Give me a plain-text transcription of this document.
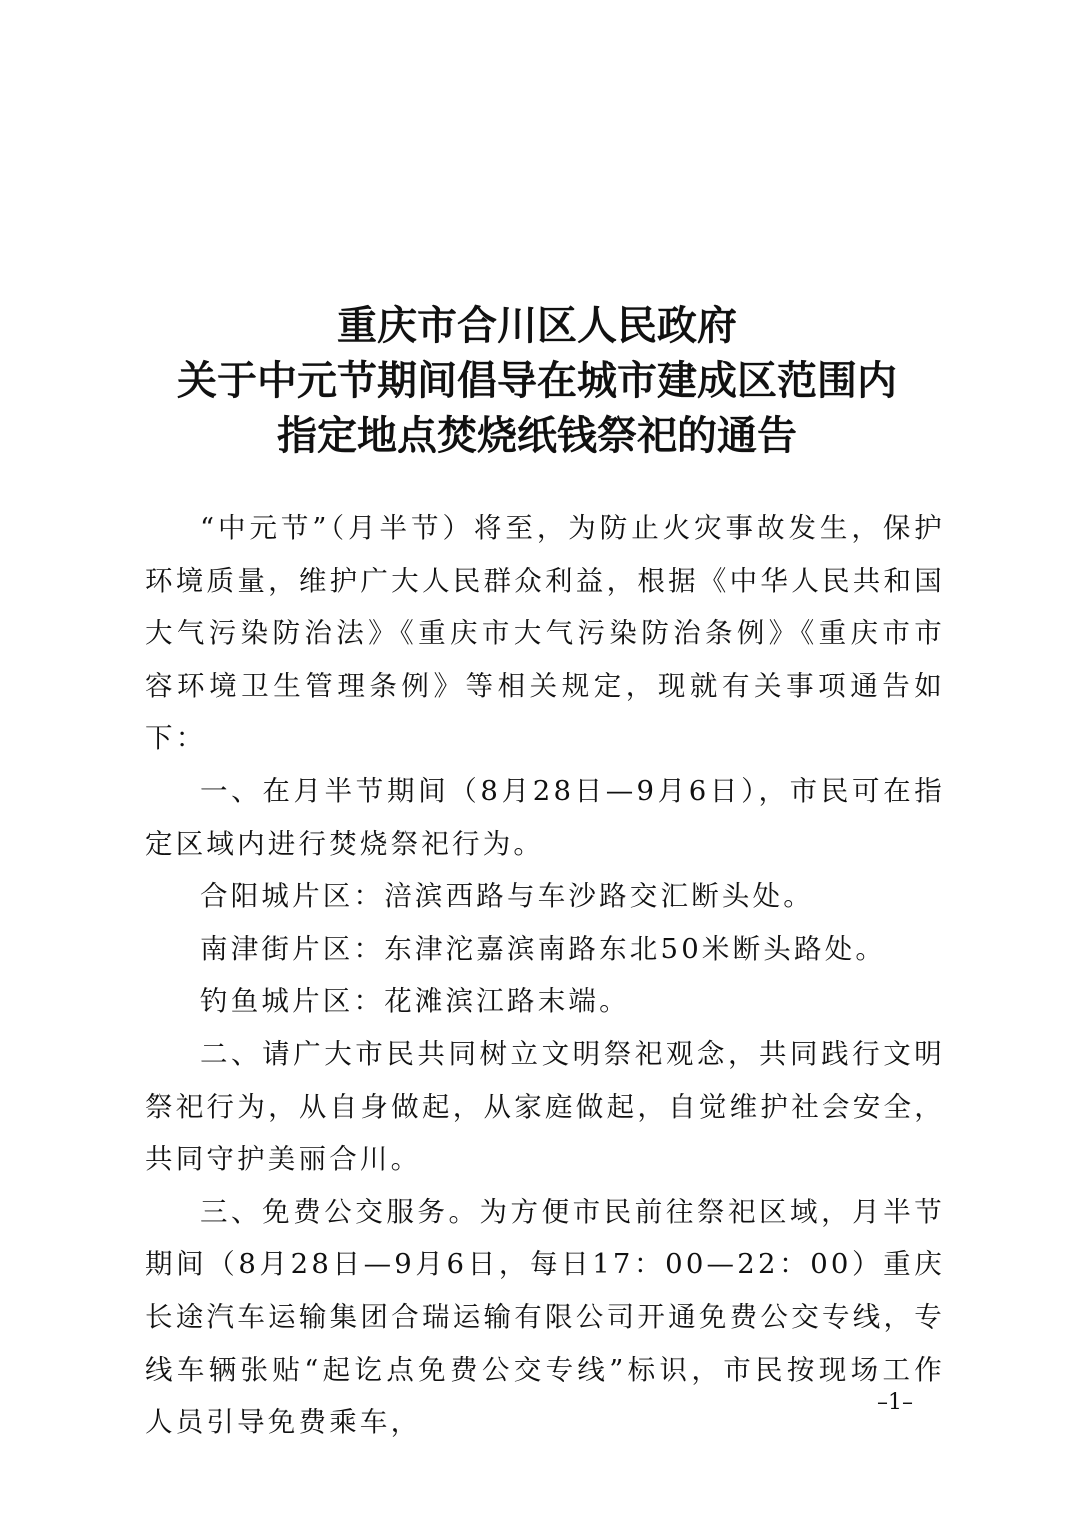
重庆市合川区人民政府
关于中元节期间倡导在城市建成区范围内
指定地点焚烧纸钱祭祀的通告

“中元节”（月半节）将至，为防止火灾事故发生，保护环境质量，维护广大人民群众利益，根据《中华人民共和国大气污染防治法》《重庆市大气污染防治条例》《重庆市市容环境卫生管理条例》等相关规定，现就有关事项通告如下：

一、在月半节期间（8月28日—9月6日），市民可在指定区域内进行焚烧祭祀行为。

合阳城片区：涪滨西路与车沙路交汇断头处。

南津街片区：东津沱嘉滨南路东北50米断头路处。

钓鱼城片区：花滩滨江路末端。

二、请广大市民共同树立文明祭祀观念，共同践行文明祭祀行为，从自身做起，从家庭做起，自觉维护社会安全，共同守护美丽合川。

三、免费公交服务。为方便市民前往祭祀区域，月半节期间（8月28日—9月6日，每日17：00—22：00）重庆长途汽车运输集团合瑞运输有限公司开通免费公交专线，专线车辆张贴“起讫点免费公交专线”标识，市民按现场工作人员引导免费乘车，

–1–
